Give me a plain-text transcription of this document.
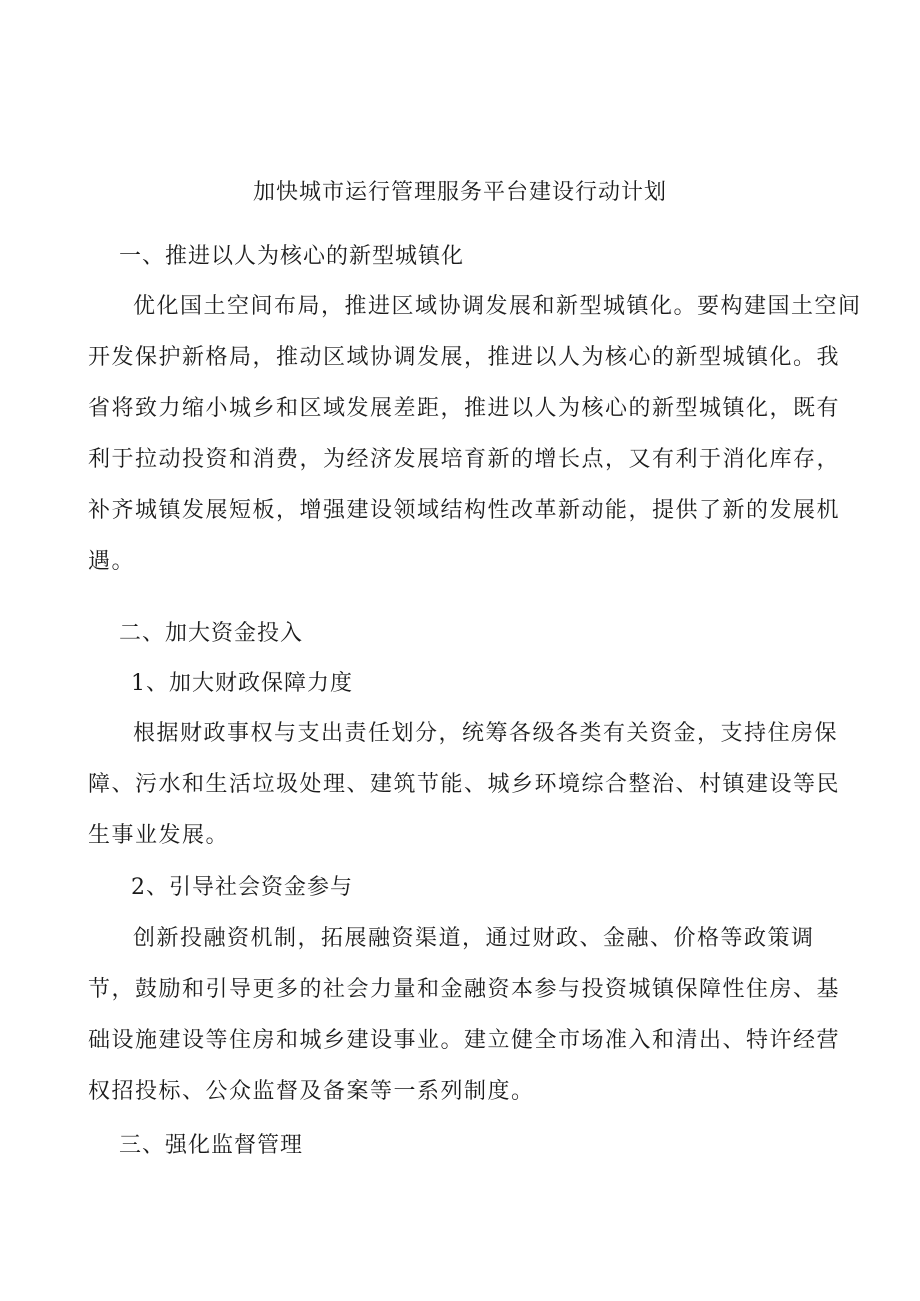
加快城市运行管理服务平台建设行动计划
一、推进以人为核心的新型城镇化
优化国土空间布局，推进区域协调发展和新型城镇化。要构建国土空间
开发保护新格局，推动区域协调发展，推进以人为核心的新型城镇化。我
省将致力缩小城乡和区域发展差距，推进以人为核心的新型城镇化，既有
利于拉动投资和消费，为经济发展培育新的增长点，又有利于消化库存，
补齐城镇发展短板，增强建设领域结构性改革新动能，提供了新的发展机
遇。
二、加大资金投入
1、加大财政保障力度
根据财政事权与支出责任划分，统筹各级各类有关资金，支持住房保
障、污水和生活垃圾处理、建筑节能、城乡环境综合整治、村镇建设等民
生事业发展。
2、引导社会资金参与
创新投融资机制，拓展融资渠道，通过财政、金融、价格等政策调
节，鼓励和引导更多的社会力量和金融资本参与投资城镇保障性住房、基
础设施建设等住房和城乡建设事业。建立健全市场准入和清出、特许经营
权招投标、公众监督及备案等一系列制度。
三、强化监督管理
